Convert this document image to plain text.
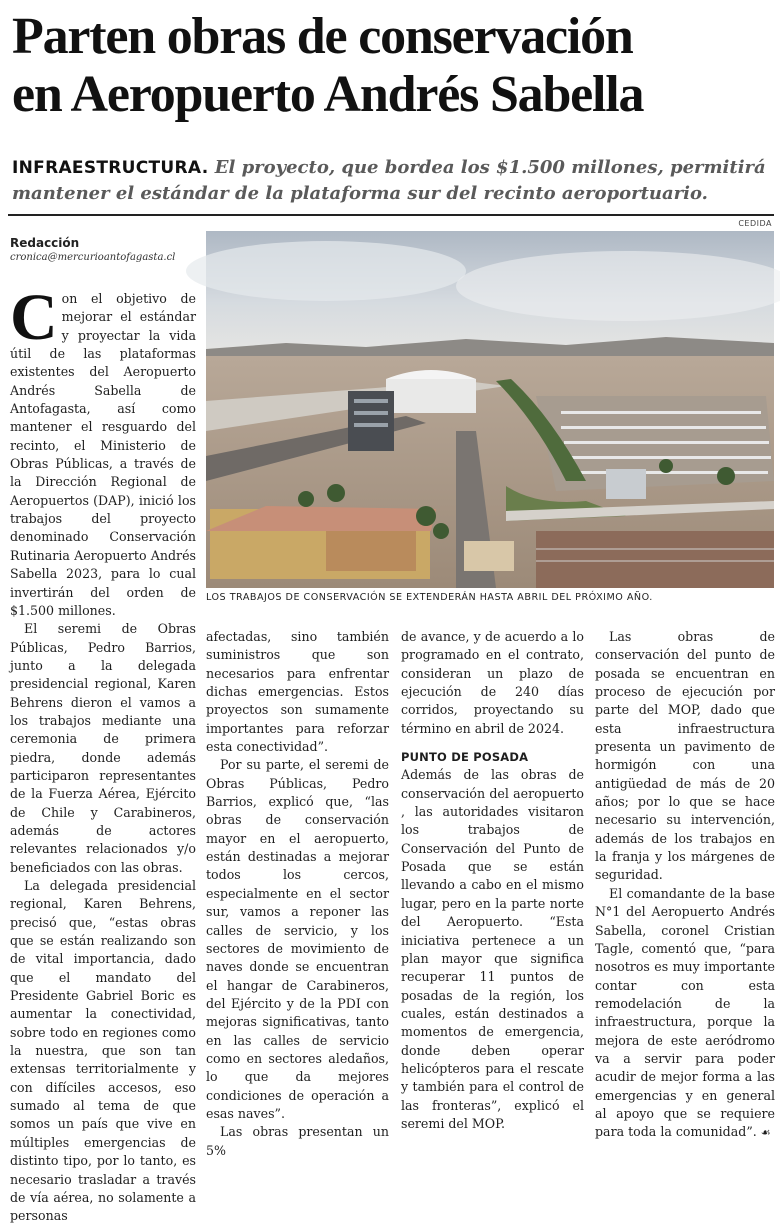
Parten obras de conservación
en Aeropuerto Andrés Sabella
INFRAESTRUCTURA. El proyecto, que bordea los $1.500 millones, permitirá mantener el estándar de la plataforma sur del recinto aeroportuario.
CEDIDA
Redacción
cronica@mercurioantofagasta.cl
LOS TRABAJOS DE CONSERVACIÓN SE EXTENDERÁN HASTA ABRIL DEL PRÓXIMO AÑO.

Con el objetivo de mejorar el estándar y proyectar la vida útil de las plataformas existentes del Aeropuerto Andrés Sabella de Antofagasta, así como mantener el resguardo del recinto, el Ministerio de Obras Públicas, a través de la Dirección Regional de Aeropuertos (DAP), inició los trabajos del proyecto denominado Conservación Rutinaria Aeropuerto Andrés Sabella 2023, para lo cual invertirán del orden de $1.500 millones.

El seremi de Obras Públicas, Pedro Barrios, junto a la delegada presidencial regional, Karen Behrens dieron el vamos a los trabajos mediante una ceremonia de primera piedra, donde además participaron representantes de la Fuerza Aérea, Ejército de Chile y Carabineros, además de actores relevantes relacionados y/o beneficiados con las obras.

La delegada presidencial regional, Karen Behrens, precisó que, “estas obras que se están realizando son de vital importancia, dado que el mandato del Presidente Gabriel Boric es aumentar la conectividad, sobre todo en regiones como la nuestra, que son tan extensas territorialmente y con difíciles accesos, eso sumado al tema de que somos un país que vive en múltiples emergencias de distinto tipo, por lo tanto, es necesario trasladar a través de vía aérea, no solamente a personas

afectadas, sino también suministros que son necesarios para enfrentar dichas emergencias. Estos proyectos son sumamente importantes para reforzar esta conectividad”.

Por su parte, el seremi de Obras Públicas, Pedro Barrios, explicó que, “las obras de conservación mayor en el aeropuerto, están destinadas a mejorar todos los cercos, especialmente en el sector sur, vamos a reponer las calles de servicio, y los sectores de movimiento de naves donde se encuentran el hangar de Carabineros, del Ejército y de la PDI con mejoras significativas, tanto en las calles de servicio como en sectores aledaños, lo que da mejores condiciones de operación a esas naves”.

Las obras presentan un 5%

de avance, y de acuerdo a lo programado en el contrato, consideran un plazo de ejecución de 240 días corridos, proyectando su término en abril de 2024.

PUNTO DE POSADA

Además de las obras de conservación del aeropuerto , las autoridades visitaron los trabajos de Conservación del Punto de Posada que se están llevando a cabo en el mismo lugar, pero en la parte norte del Aeropuerto. “Esta iniciativa pertenece a un plan mayor que significa recuperar 11 puntos de posadas de la región, los cuales, están destinados a momentos de emergencia, donde deben operar helicópteros para el rescate y también para el control de las fronteras”, explicó el seremi del MOP.

Las obras de conservación del punto de posada se encuentran en proceso de ejecución por parte del MOP, dado que esta infraestructura presenta un pavimento de hormigón con una antigüedad de más de 20 años; por lo que se hace necesario su intervención, además de los trabajos en la franja y los márgenes de seguridad.

El comandante de la base N°1 del Aeropuerto Andrés Sabella, coronel Cristian Tagle, comentó que, “para nosotros es muy importante contar con esta remodelación de la infraestructura, porque la mejora de este aeródromo va a servir para poder acudir de mejor forma a las emergencias y en general al apoyo que se requiere para toda la comunidad”. ☙
